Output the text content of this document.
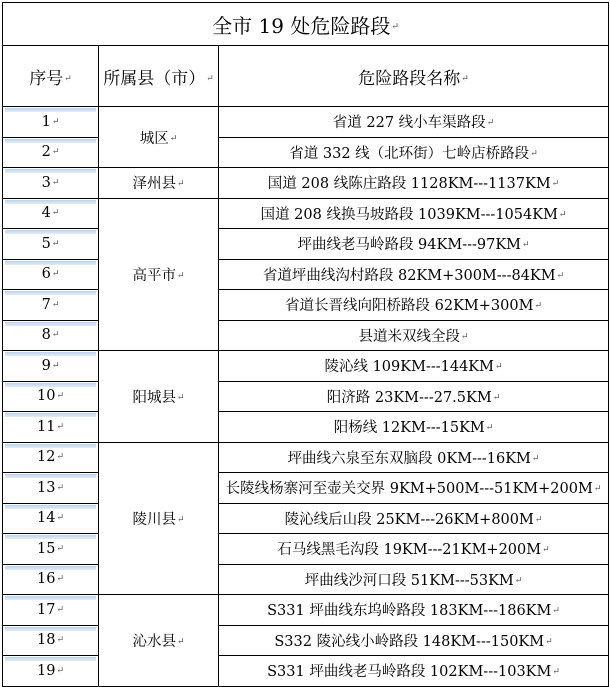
全市 19 处危险路段↵		
序号↵	所属县（市）↵	危险路段名称↵

1↵	城区↵	省道 227 线小车渠路段↵

2↵		省道 332 线（北环街）七岭店桥路段↵

3↵	泽州县↵	国道 208 线陈庄路段 1128KM---1137KM↵

4↵	高平市↵	国道 208 线换马坡路段 1039KM---1054KM↵

5↵		坪曲线老马岭路段 94KM---97KM↵

6↵		省道坪曲线沟村路段 82KM+300M---84KM↵

7↵		省道长晋线向阳桥路段 62KM+300M↵

8↵		县道米双线全段↵

9↵	阳城县↵	陵沁线 109KM---144KM↵

10↵		阳济路 23KM---27.5KM↵

11↵		阳杨线 12KM---15KM↵

12↵	陵川县↵	坪曲线六泉至东双脑段 0KM---16KM↵

13↵		长陵线杨寨河至壶关交界 9KM+500M---51KM+200M↵

14↵		陵沁线后山段 25KM---26KM+800M↵

15↵		石马线黑毛沟段 19KM---21KM+200M↵

16↵		坪曲线沙河口段 51KM---53KM↵

17↵	沁水县↵	S331 坪曲线东坞岭路段 183KM---186KM↵

18↵		S332 陵沁线小岭路段 148KM---150KM↵

19↵		S331 坪曲线老马岭路段 102KM---103KM↵
